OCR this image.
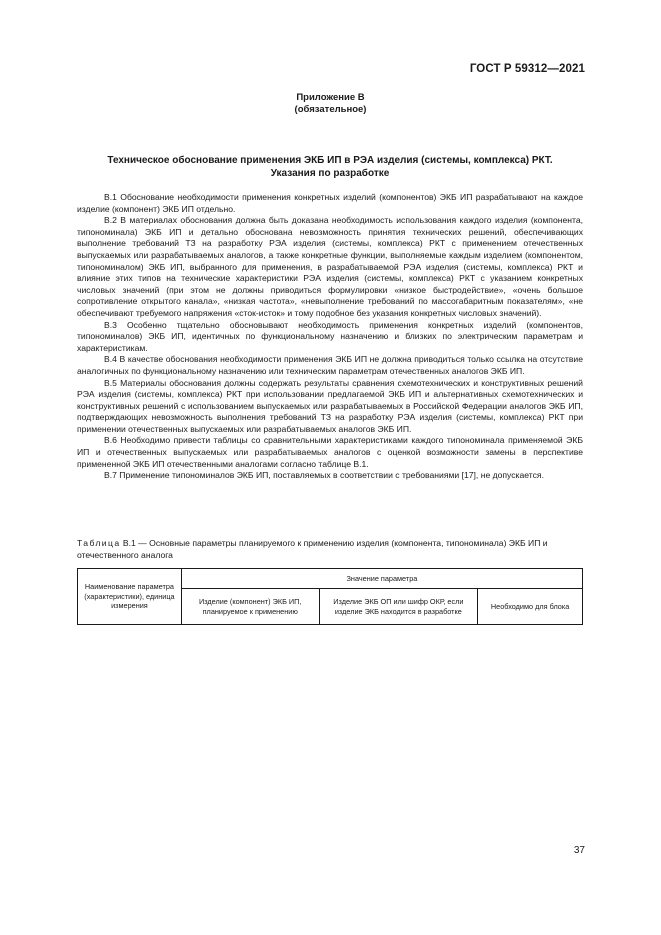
ГОСТ Р 59312—2021
Приложение В
(обязательное)
Техническое обоснование применения ЭКБ ИП в РЭА изделия (системы, комплекса) РКТ.
Указания по разработке

В.1 Обоснование необходимости применения конкретных изделий (компонентов) ЭКБ ИП разрабатывают на каждое изделие (компонент) ЭКБ ИП отдельно.

В.2 В материалах обоснования должна быть доказана необходимость использования каждого изделия (компонента, типономинала) ЭКБ ИП и детально обоснована невозможность принятия технических решений, обеспечивающих выполнение требований ТЗ на разработку РЭА изделия (системы, комплекса) РКТ с применением отечественных выпускаемых или разрабатываемых аналогов, а также конкретные функции, выполняемые каждым изделием (компонентом, типономиналом) ЭКБ ИП, выбранного для применения, в разрабатываемой РЭА изделия (системы, комплекса) РКТ и влияние этих типов на технические характеристики РЭА изделия (системы, комплекса) РКТ с указанием конкретных числовых значений (при этом не должны приводиться формулировки «низкое быстродействие», «очень большое сопротивление открытого канала», «низкая частота», «невыполнение требований по массогабаритным показателям», «не обеспечивают требуемого напряжения «сток-исток» и тому подобное без указания конкретных числовых значений).

В.3 Особенно тщательно обосновывают необходимость применения конкретных изделий (компонентов, типономиналов) ЭКБ ИП, идентичных по функциональному назначению и близких по электрическим параметрам и характеристикам.

В.4 В качестве обоснования необходимости применения ЭКБ ИП не должна приводиться только ссылка на отсутствие аналогичных по функциональному назначению или техническим параметрам отечественных аналогов ЭКБ ИП.

В.5 Материалы обоснования должны содержать результаты сравнения схемотехнических и конструктивных решений РЭА изделия (системы, комплекса) РКТ при использовании предлагаемой ЭКБ ИП и альтернативных схемотехнических и конструктивных решений с использованием выпускаемых или разрабатываемых в Российской Федерации аналогов ЭКБ ИП, подтверждающих невозможность выполнения требований ТЗ на разработку РЭА изделия (системы, комплекса) РКТ при применении отечественных выпускаемых или разрабатываемых аналогов ЭКБ ИП.

В.6 Необходимо привести таблицы со сравнительными характеристиками каждого типономинала применяемой ЭКБ ИП и отечественных выпускаемых или разрабатываемых аналогов с оценкой возможности замены в перспективе примененной ЭКБ ИП отечественными аналогами согласно таблице В.1.

В.7 Применение типономиналов ЭКБ ИП, поставляемых в соответствии с требованиями [17], не допускается.

Таблица В.1 — Основные параметры планируемого к применению изделия (компонента, типономинала) ЭКБ ИП и отечественного аналога
Наименование параметра (характеристики), единица измерения	Значение параметра		
	Изделие (компонент) ЭКБ ИП, планируемое к применению	Изделие ЭКБ ОП или шифр ОКР, если изделие ЭКБ находится в разработке	Необходимо для блока
37
